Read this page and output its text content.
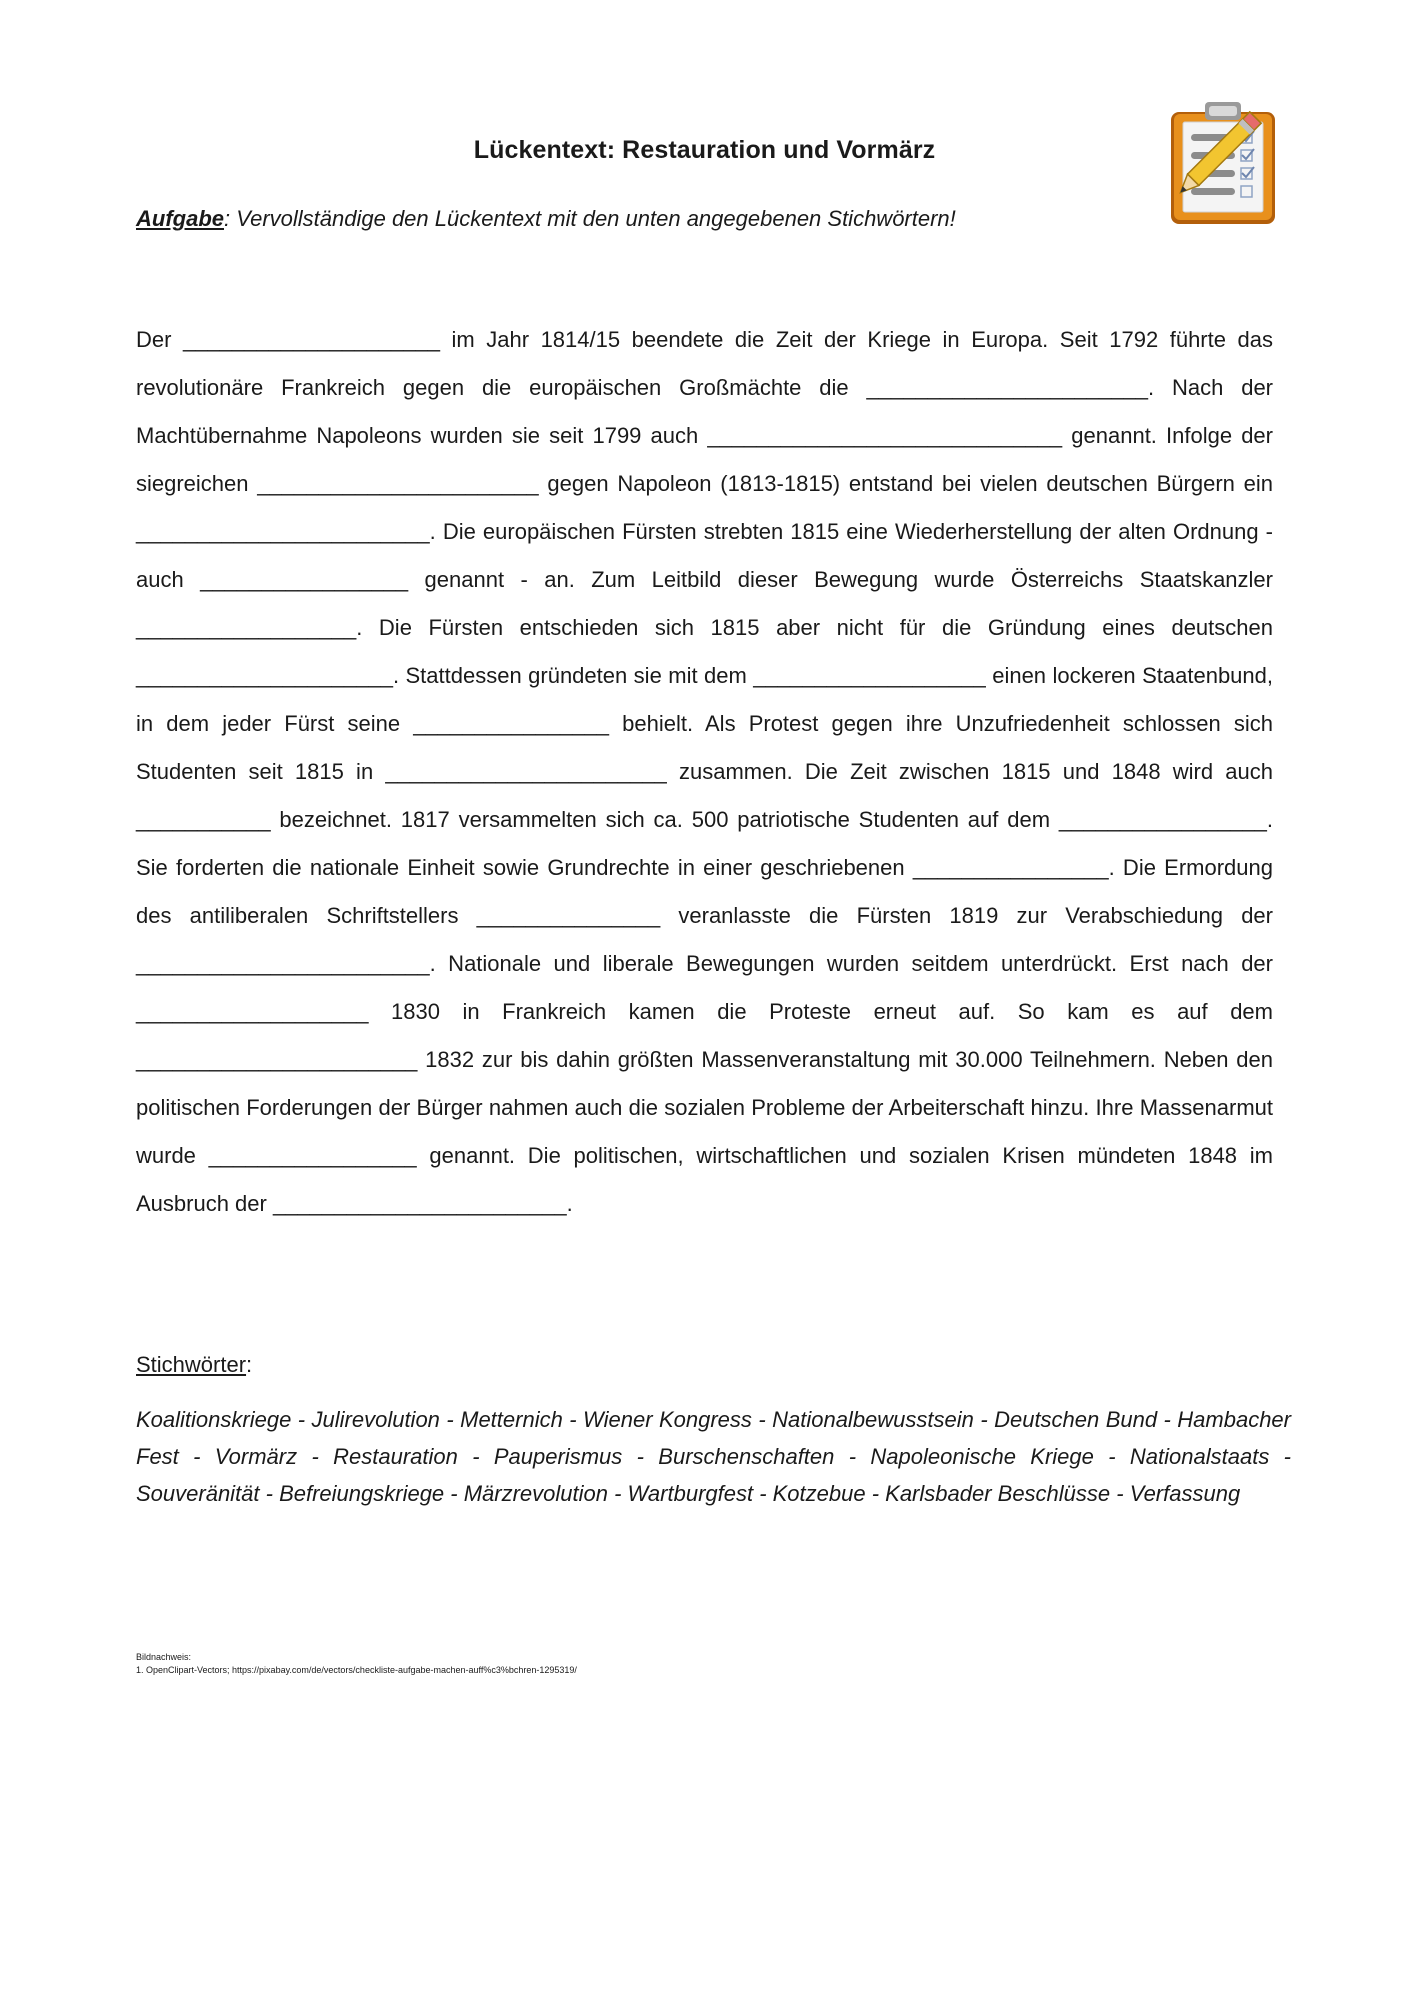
Lückentext: Restauration und Vormärz
Aufgabe: Vervollständige den Lückentext mit den unten angegebenen Stichwörtern!

Der _____________________ im Jahr 1814/15 beendete die Zeit der Kriege in Europa. Seit 1792 führte das revolutionäre Frankreich gegen die europäischen Großmächte die _______________________. Nach der Machtübernahme Napoleons wurden sie seit 1799 auch _____________________________ genannt. Infolge der siegreichen _______________________ gegen Napoleon (1813-1815) entstand bei vielen deutschen Bürgern ein ________________________. Die europäischen Fürsten strebten 1815 eine Wiederherstellung der alten Ordnung - auch _________________ genannt - an. Zum Leitbild dieser Bewegung wurde Österreichs Staatskanzler __________________. Die Fürsten entschieden sich 1815 aber nicht für die Gründung eines deutschen _____________________. Stattdessen gründeten sie mit dem ___________________ einen lockeren Staatenbund, in dem jeder Fürst seine ________________ behielt. Als Protest gegen ihre Unzufriedenheit schlossen sich Studenten seit 1815 in _______________________ zusammen. Die Zeit zwischen 1815 und 1848 wird auch ___________ bezeichnet. 1817 versammelten sich ca. 500 patriotische Studenten auf dem _________________. Sie forderten die nationale Einheit sowie Grundrechte in einer geschriebenen ________________. Die Ermordung des antiliberalen Schriftstellers _______________ veranlasste die Fürsten 1819 zur Verabschiedung der ________________________. Nationale und liberale Bewegungen wurden seitdem unterdrückt. Erst nach der ___________________ 1830 in Frankreich kamen die Proteste erneut auf. So kam es auf dem _______________________ 1832 zur bis dahin größten Massenveranstaltung mit 30.000 Teilnehmern. Neben den politischen Forderungen der Bürger nahmen auch die sozialen Probleme der Arbeiterschaft hinzu. Ihre Massenarmut wurde _________________ genannt. Die politischen, wirtschaftlichen und sozialen Krisen mündeten 1848 im Ausbruch der ________________________.

Stichwörter:

Koalitionskriege - Julirevolution - Metternich - Wiener Kongress - Nationalbewusstsein - Deutschen Bund - Hambacher Fest - Vormärz - Restauration - Pauperismus - Burschenschaften - Napoleonische Kriege - Nationalstaats - Souveränität - Befreiungskriege - Märzrevolution - Wartburgfest - Kotzebue - Karlsbader Beschlüsse - Verfassung

Bildnachweis:
1. OpenClipart-Vectors; https://pixabay.com/de/vectors/checkliste-aufgabe-machen-auff%c3%bchren-1295319/
